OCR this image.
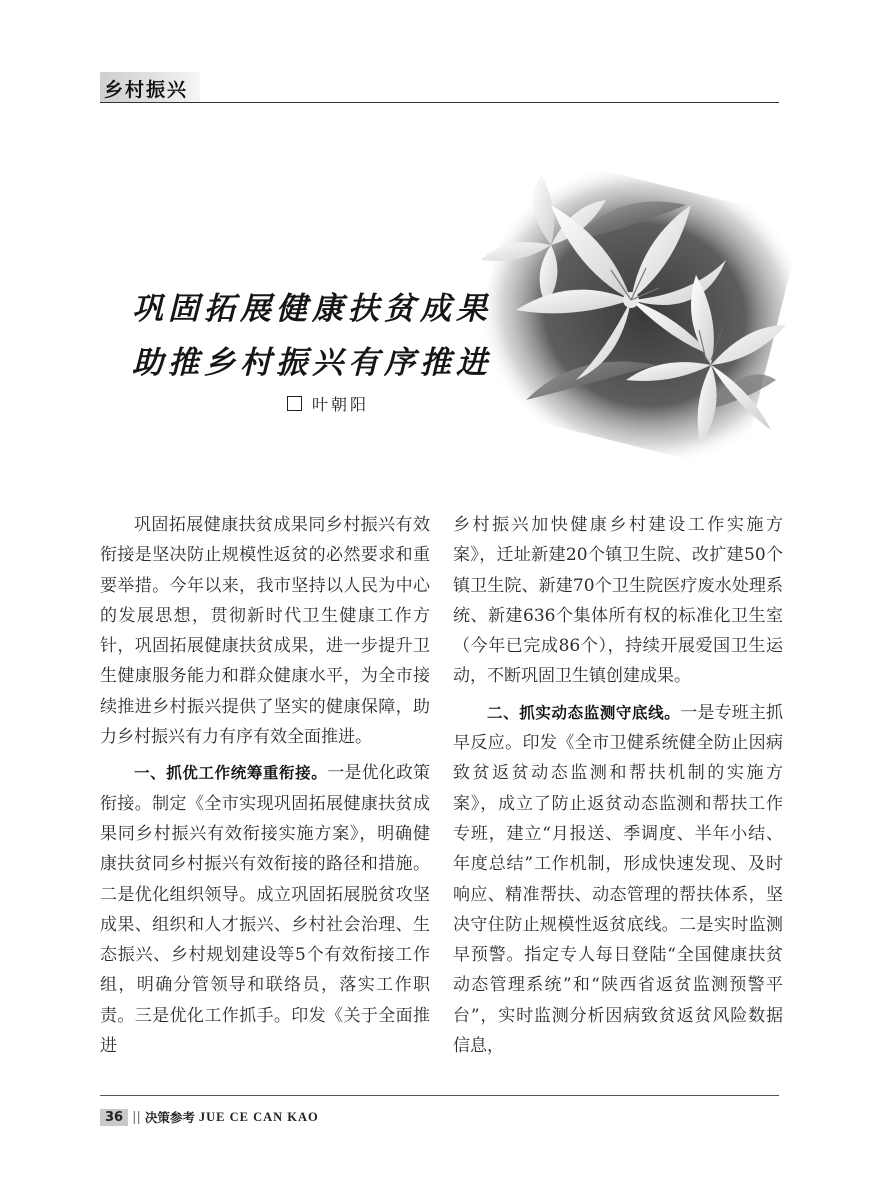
乡村振兴
巩固拓展健康扶贫成果
助推乡村振兴有序推进
叶朝阳

巩固拓展健康扶贫成果同乡村振兴有效衔接是坚决防止规模性返贫的必然要求和重要举措。今年以来，我市坚持以人民为中心的发展思想，贯彻新时代卫生健康工作方针，巩固拓展健康扶贫成果，进一步提升卫生健康服务能力和群众健康水平，为全市接续推进乡村振兴提供了坚实的健康保障，助力乡村振兴有力有序有效全面推进。

一、抓优工作统筹重衔接。一是优化政策衔接。制定《全市实现巩固拓展健康扶贫成果同乡村振兴有效衔接实施方案》，明确健康扶贫同乡村振兴有效衔接的路径和措施。二是优化组织领导。成立巩固拓展脱贫攻坚成果、组织和人才振兴、乡村社会治理、生态振兴、乡村规划建设等5个有效衔接工作组，明确分管领导和联络员，落实工作职责。三是优化工作抓手。印发《关于全面推进

乡村振兴加快健康乡村建设工作实施方案》，迁址新建20个镇卫生院、改扩建50个镇卫生院、新建70个卫生院医疗废水处理系统、新建636个集体所有权的标准化卫生室（今年已完成86个），持续开展爱国卫生运动，不断巩固卫生镇创建成果。

二、抓实动态监测守底线。一是专班主抓早反应。印发《全市卫健系统健全防止因病致贫返贫动态监测和帮扶机制的实施方案》，成立了防止返贫动态监测和帮扶工作专班，建立“月报送、季调度、半年小结、年度总结”工作机制，形成快速发现、及时响应、精准帮扶、动态管理的帮扶体系，坚决守住防止规模性返贫底线。二是实时监测早预警。指定专人每日登陆“全国健康扶贫动态管理系统”和“陕西省返贫监测预警平台”，实时监测分析因病致贫返贫风险数据信息，

36 || 决策参考 JUE CE CAN KAO
